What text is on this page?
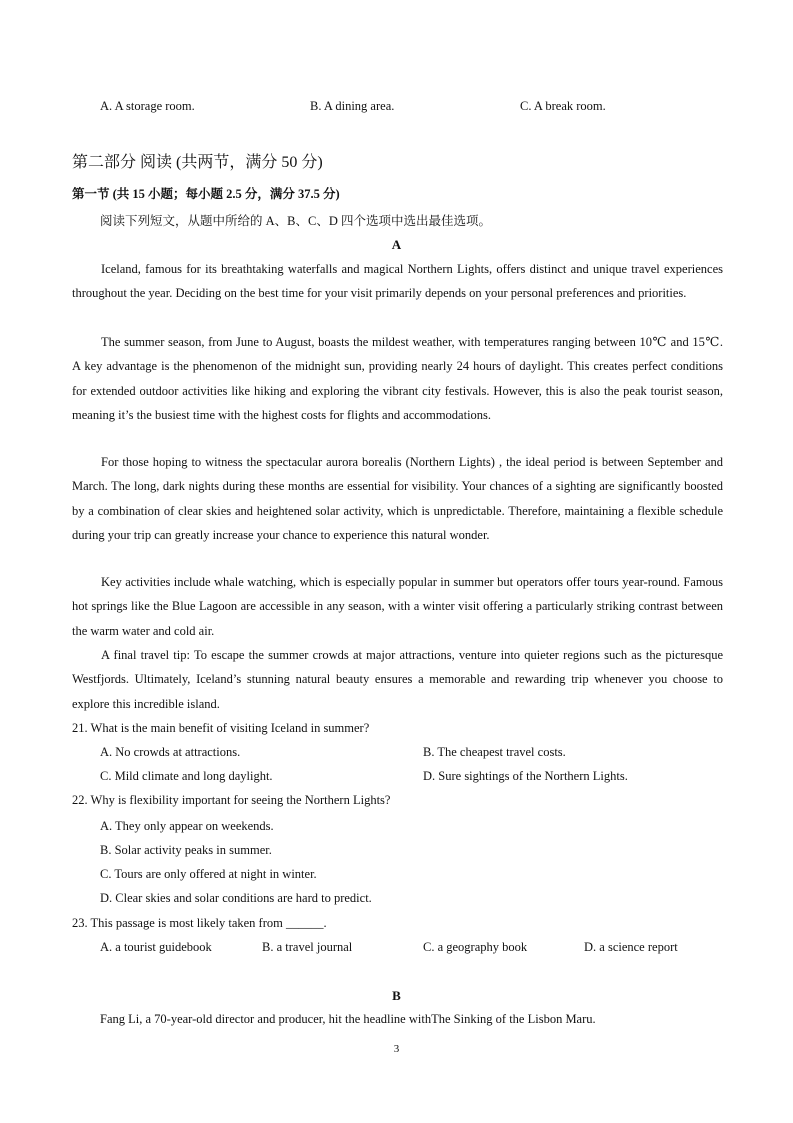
A. A storage room.	B. A dining area.	C. A break room.
第二部分 阅读 (共两节，满分 50 分)
第一节 (共 15 小题；每小题 2.5 分，满分 37.5 分)
阅读下列短文，从题中所给的 A、B、C、D 四个选项中选出最佳选项。
A
Iceland, famous for its breathtaking waterfalls and magical Northern Lights, offers distinct and unique travel experiences throughout the year. Deciding on the best time for your visit primarily depends on your personal preferences and priorities.
The summer season, from June to August, boasts the mildest weather, with temperatures ranging between 10℃ and 15℃. A key advantage is the phenomenon of the midnight sun, providing nearly 24 hours of daylight. This creates perfect conditions for extended outdoor activities like hiking and exploring the vibrant city festivals. However, this is also the peak tourist season, meaning it’s the busiest time with the highest costs for flights and accommodations.
For those hoping to witness the spectacular aurora borealis (Northern Lights) , the ideal period is between September and March. The long, dark nights during these months are essential for visibility. Your chances of a sighting are significantly boosted by a combination of clear skies and heightened solar activity, which is unpredictable. Therefore, maintaining a flexible schedule during your trip can greatly increase your chance to experience this natural wonder.
Key activities include whale watching, which is especially popular in summer but operators offer tours year-round. Famous hot springs like the Blue Lagoon are accessible in any season, with a winter visit offering a particularly striking contrast between the warm water and cold air.
A final travel tip: To escape the summer crowds at major attractions, venture into quieter regions such as the picturesque Westfjords. Ultimately, Iceland’s stunning natural beauty ensures a memorable and rewarding trip whenever you choose to explore this incredible island.
21. What is the main benefit of visiting Iceland in summer?
A. No crowds at attractions.	B. The cheapest travel costs.
C. Mild climate and long daylight.	D. Sure sightings of the Northern Lights.
22. Why is flexibility important for seeing the Northern Lights?
A. They only appear on weekends.
B. Solar activity peaks in summer.
C. Tours are only offered at night in winter.
D. Clear skies and solar conditions are hard to predict.
23. This passage is most likely taken from ______.
A. a tourist guidebook	B. a travel journal	C. a geography book	D. a science report
B
Fang Li, a 70-year-old director and producer, hit the headline withThe Sinking of the Lisbon Maru.
3
